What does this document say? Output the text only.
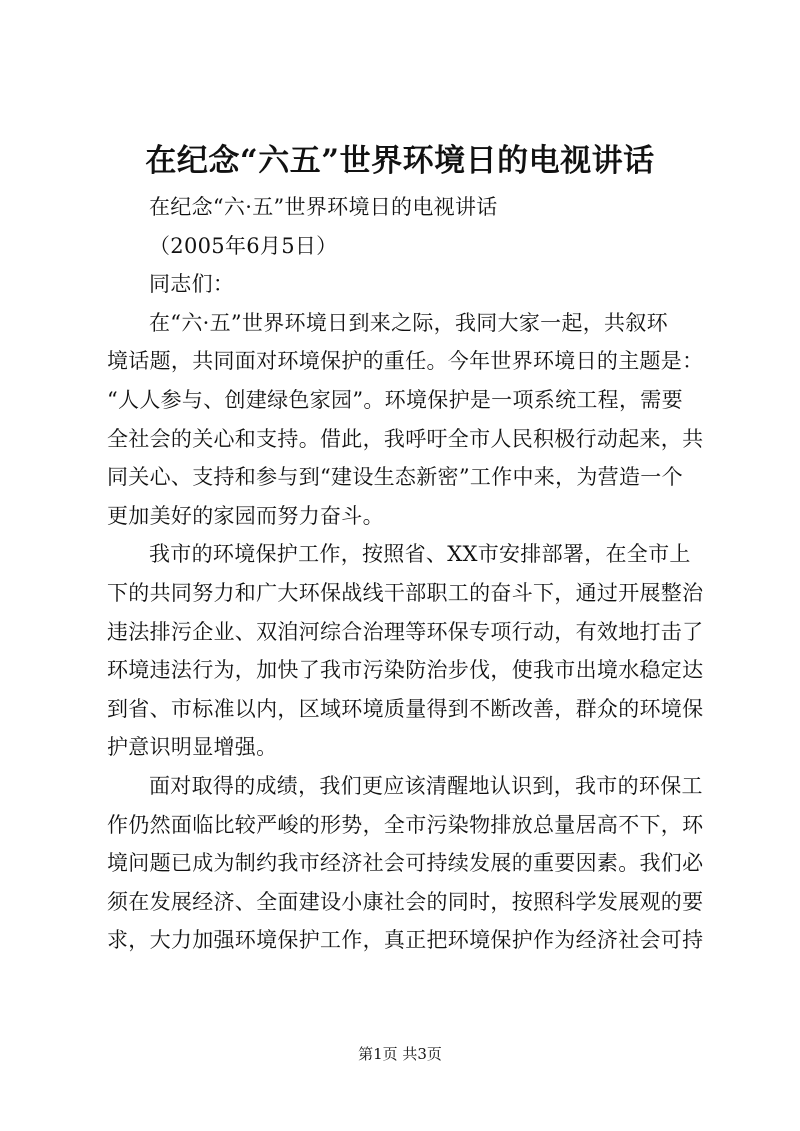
在纪念“六五”世界环境日的电视讲话
在纪念“六·五”世界环境日的电视讲话
（2005年6月5日）
同志们：
在“六·五”世界环境日到来之际，我同大家一起，共叙环
境话题，共同面对环境保护的重任。今年世界环境日的主题是：
“人人参与、创建绿色家园”。环境保护是一项系统工程，需要
全社会的关心和支持。借此，我呼吁全市人民积极行动起来，共
同关心、支持和参与到“建设生态新密”工作中来，为营造一个
更加美好的家园而努力奋斗。
我市的环境保护工作，按照省、XX市安排部署，在全市上
下的共同努力和广大环保战线干部职工的奋斗下，通过开展整治
违法排污企业、双洎河综合治理等环保专项行动，有效地打击了
环境违法行为，加快了我市污染防治步伐，使我市出境水稳定达
到省、市标准以内，区域环境质量得到不断改善，群众的环境保
护意识明显增强。
面对取得的成绩，我们更应该清醒地认识到，我市的环保工
作仍然面临比较严峻的形势，全市污染物排放总量居高不下，环
境问题已成为制约我市经济社会可持续发展的重要因素。我们必
须在发展经济、全面建设小康社会的同时，按照科学发展观的要
求，大力加强环境保护工作，真正把环境保护作为经济社会可持
第1页 共3页
